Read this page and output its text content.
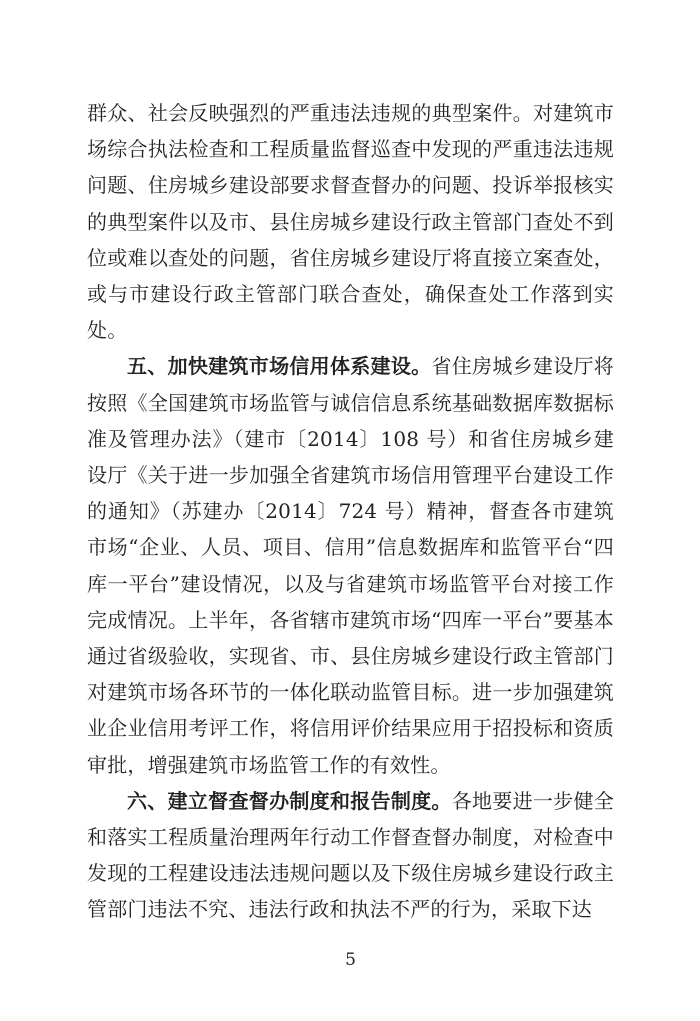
群众、社会反映强烈的严重违法违规的典型案件。对建筑市场综合执法检查和工程质量监督巡查中发现的严重违法违规问题、住房城乡建设部要求督查督办的问题、投诉举报核实的典型案件以及市、县住房城乡建设行政主管部门查处不到位或难以查处的问题，省住房城乡建设厅将直接立案查处，或与市建设行政主管部门联合查处，确保查处工作落到实处。

五、加快建筑市场信用体系建设。省住房城乡建设厅将按照《全国建筑市场监管与诚信信息系统基础数据库数据标准及管理办法》（建市〔2014〕108 号）和省住房城乡建设厅《关于进一步加强全省建筑市场信用管理平台建设工作的通知》（苏建办〔2014〕724 号）精神，督查各市建筑市场“企业、人员、项目、信用”信息数据库和监管平台“四库一平台”建设情况，以及与省建筑市场监管平台对接工作完成情况。上半年，各省辖市建筑市场“四库一平台”要基本通过省级验收，实现省、市、县住房城乡建设行政主管部门对建筑市场各环节的一体化联动监管目标。进一步加强建筑业企业信用考评工作，将信用评价结果应用于招投标和资质审批，增强建筑市场监管工作的有效性。

六、建立督查督办制度和报告制度。各地要进一步健全和落实工程质量治理两年行动工作督查督办制度，对检查中发现的工程建设违法违规问题以及下级住房城乡建设行政主管部门违法不究、违法行政和执法不严的行为，采取下达

5
